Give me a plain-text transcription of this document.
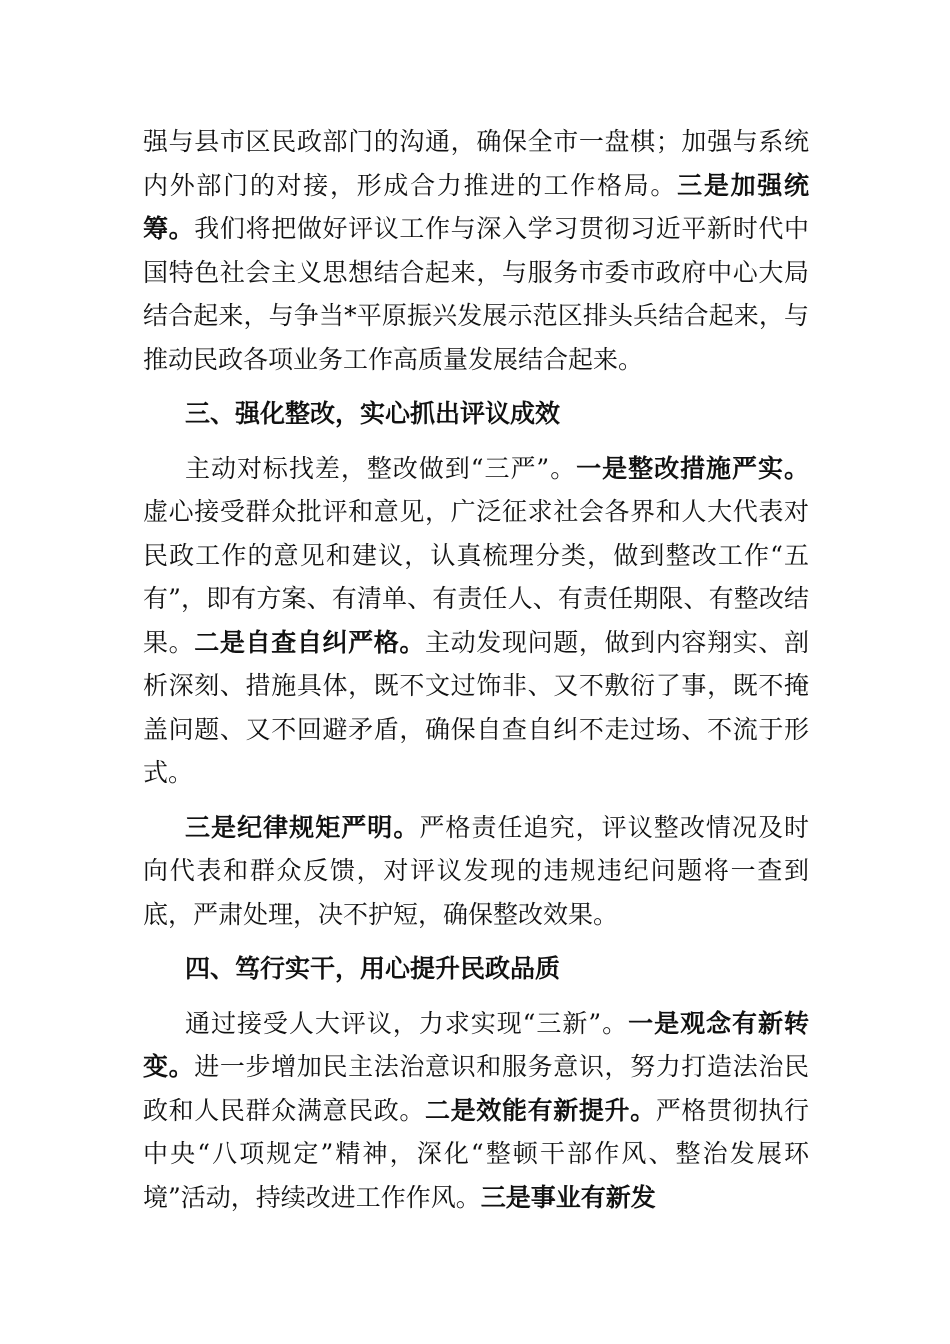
强与县市区民政部门的沟通，确保全市一盘棋；加强与系统内外部门的对接，形成合力推进的工作格局。三是加强统筹。我们将把做好评议工作与深入学习贯彻习近平新时代中国特色社会主义思想结合起来，与服务市委市政府中心大局结合起来，与争当*平原振兴发展示范区排头兵结合起来，与推动民政各项业务工作高质量发展结合起来。

三、强化整改，实心抓出评议成效

主动对标找差，整改做到“三严”。一是整改措施严实。虚心接受群众批评和意见，广泛征求社会各界和人大代表对民政工作的意见和建议，认真梳理分类，做到整改工作“五有”，即有方案、有清单、有责任人、有责任期限、有整改结果。二是自查自纠严格。主动发现问题，做到内容翔实、剖析深刻、措施具体，既不文过饰非、又不敷衍了事，既不掩盖问题、又不回避矛盾，确保自查自纠不走过场、不流于形式。

三是纪律规矩严明。严格责任追究，评议整改情况及时向代表和群众反馈，对评议发现的违规违纪问题将一查到底，严肃处理，决不护短，确保整改效果。

四、笃行实干，用心提升民政品质

通过接受人大评议，力求实现“三新”。一是观念有新转变。进一步增加民主法治意识和服务意识，努力打造法治民政和人民群众满意民政。二是效能有新提升。严格贯彻执行中央“八项规定”精神，深化“整顿干部作风、整治发展环境”活动，持续改进工作作风。三是事业有新发
